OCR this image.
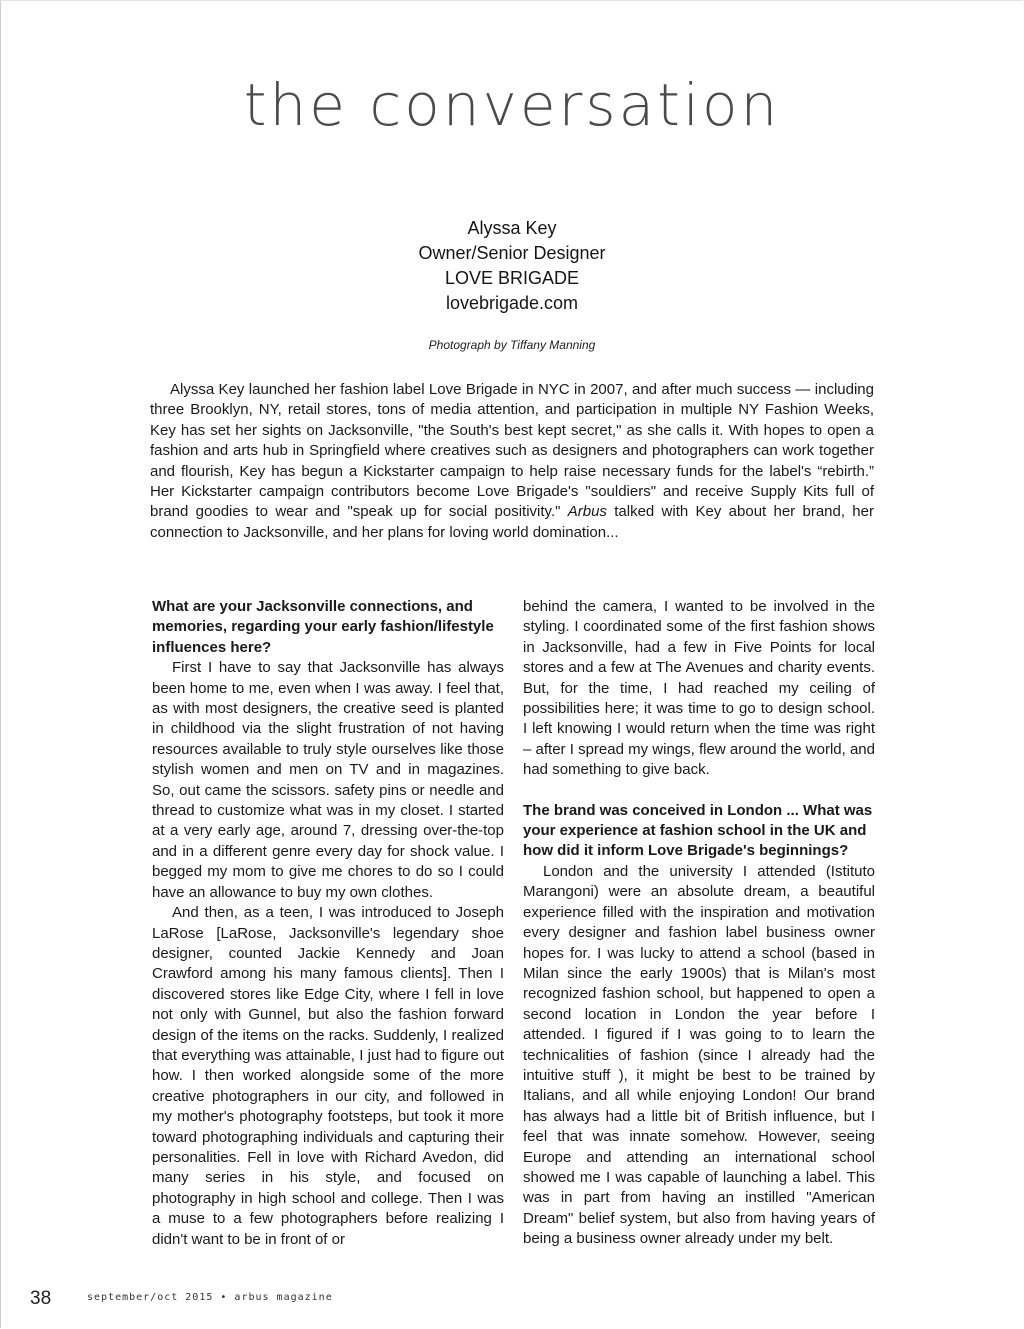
the conversation
Alyssa Key
Owner/Senior Designer
LOVE BRIGADE
lovebrigade.com
Photograph by Tiffany Manning

Alyssa Key launched her fashion label Love Brigade in NYC in 2007, and after much success — including three Brooklyn, NY, retail stores, tons of media attention, and participation in multiple NY Fashion Weeks, Key has set her sights on Jacksonville, "the South's best kept secret," as she calls it. With hopes to open a fashion and arts hub in Springfield where creatives such as designers and photographers can work together and flourish, Key has begun a Kickstarter campaign to help raise necessary funds for the label's “rebirth.” Her Kickstarter campaign contributors become Love Brigade's "souldiers" and receive Supply Kits full of brand goodies to wear and "speak up for social positivity." Arbus talked with Key about her brand, her connection to Jacksonville, and her plans for loving world domination...

What are your Jacksonville connections, and memories, regarding your early fashion/lifestyle influences here?

First I have to say that Jacksonville has always been home to me, even when I was away. I feel that, as with most designers, the creative seed is planted in childhood via the slight frustration of not having resources available to truly style ourselves like those stylish women and men on TV and in magazines. So, out came the scissors. safety pins or needle and thread to customize what was in my closet. I started at a very early age, around 7, dressing over-the-top and in a different genre every day for shock value. I begged my mom to give me chores to do so I could have an allowance to buy my own clothes.

And then, as a teen, I was introduced to Joseph LaRose [LaRose, Jacksonville's legendary shoe designer, counted Jackie Kennedy and Joan Crawford among his many famous clients]. Then I discovered stores like Edge City, where I fell in love not only with Gunnel, but also the fashion forward design of the items on the racks. Suddenly, I realized that everything was attainable, I just had to figure out how. I then worked alongside some of the more creative photographers in our city, and followed in my mother's photography footsteps, but took it more toward photographing individuals and capturing their personalities. Fell in love with Richard Avedon, did many series in his style, and focused on photography in high school and college. Then I was a muse to a few photographers before realizing I didn't want to be in front of or

behind the camera, I wanted to be involved in the styling. I coordinated some of the first fashion shows in Jacksonville, had a few in Five Points for local stores and a few at The Avenues and charity events. But, for the time, I had reached my ceiling of possibilities here; it was time to go to design school. I left knowing I would return when the time was right – after I spread my wings, flew around the world, and had something to give back.

The brand was conceived in London ... What was your experience at fashion school in the UK and how did it inform Love Brigade's beginnings?

London and the university I attended (Istituto Marangoni) were an absolute dream, a beautiful experience filled with the inspiration and motivation every designer and fashion label business owner hopes for. I was lucky to attend a school (based in Milan since the early 1900s) that is Milan's most recognized fashion school, but happened to open a second location in London the year before I attended. I figured if I was going to to learn the technicalities of fashion (since I already had the intuitive stuff ), it might be best to be trained by Italians, and all while enjoying London! Our brand has always had a little bit of British influence, but I feel that was innate somehow. However, seeing Europe and attending an international school showed me I was capable of launching a label. This was in part from having an instilled "American Dream" belief system, but also from having years of being a business owner already under my belt.

38	september/oct 2015 • arbus magazine
